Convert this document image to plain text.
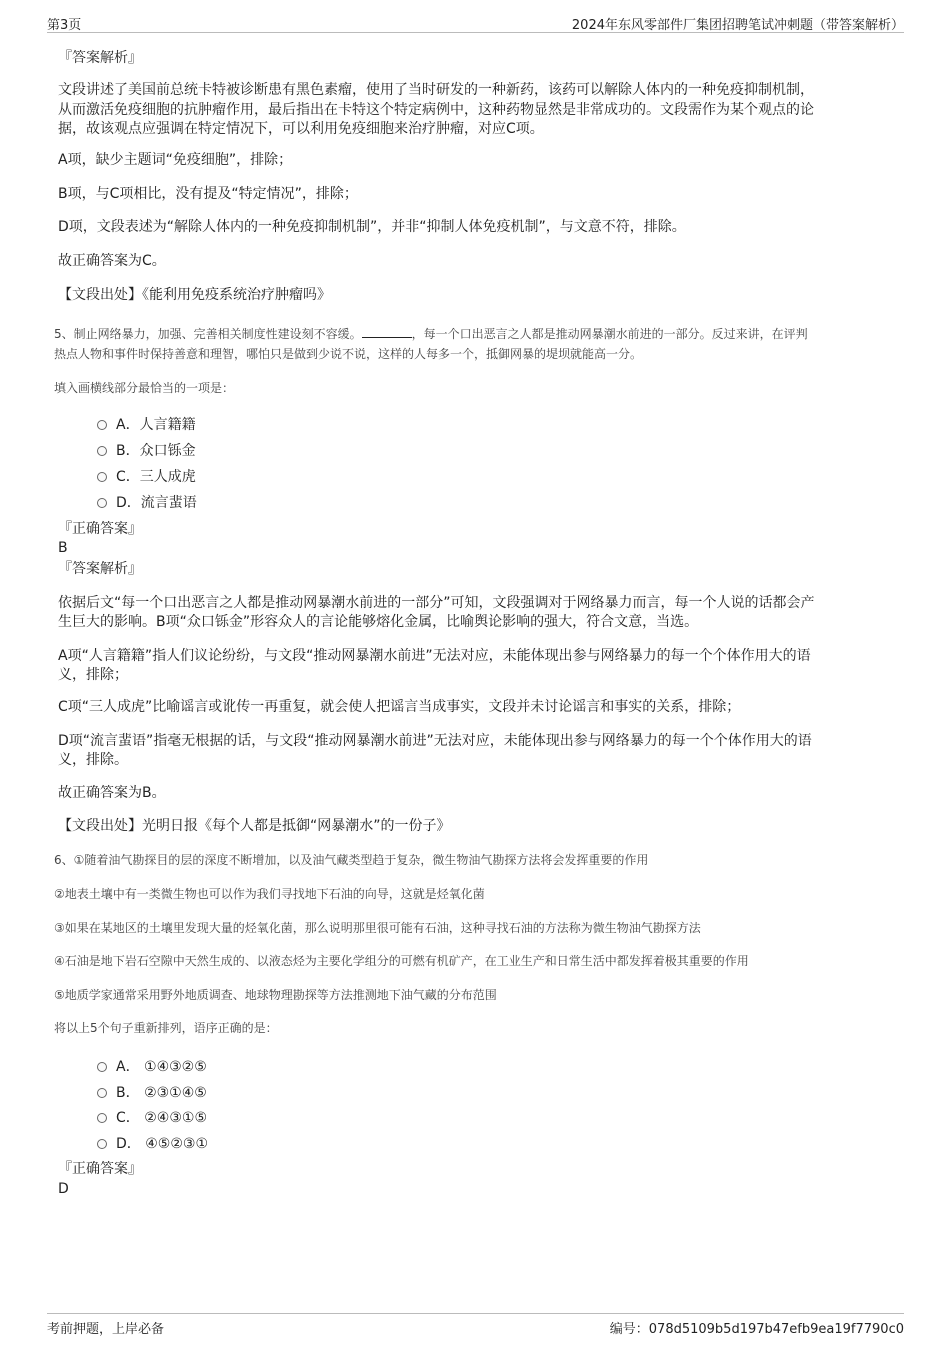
第3页	2024年东风零部件厂集团招聘笔试冲刺题（带答案解析）
『答案解析』
文段讲述了美国前总统卡特被诊断患有黑色素瘤，使用了当时研发的一种新药，该药可以解除人体内的一种免疫抑制机制，
从而激活免疫细胞的抗肿瘤作用，最后指出在卡特这个特定病例中，这种药物显然是非常成功的。文段需作为某个观点的论
据，故该观点应强调在特定情况下，可以利用免疫细胞来治疗肿瘤，对应C项。
A项，缺少主题词“免疫细胞”，排除；
B项，与C项相比，没有提及“特定情况”，排除；
D项，文段表述为“解除人体内的一种免疫抑制机制”，并非“抑制人体免疫机制”，与文意不符，排除。
故正确答案为C。
【文段出处】《能利用免疫系统治疗肿瘤吗》
5、制止网络暴力，加强、完善相关制度性建设刻不容缓。	，每一个口出恶言之人都是推动网暴潮水前进的一部分。反过来讲，在评判
热点人物和事件时保持善意和理智，哪怕只是做到少说不说，这样的人每多一个，抵御网暴的堤坝就能高一分。
填入画横线部分最恰当的一项是：
A．人言籍籍
B．众口铄金
C．三人成虎
D．流言蜚语
『正确答案』
B
『答案解析』
依据后文“每一个口出恶言之人都是推动网暴潮水前进的一部分”可知，文段强调对于网络暴力而言，每一个人说的话都会产
生巨大的影响。B项“众口铄金”形容众人的言论能够熔化金属，比喻舆论影响的强大，符合文意，当选。
A项“人言籍籍”指人们议论纷纷，与文段“推动网暴潮水前进”无法对应，未能体现出参与网络暴力的每一个个体作用大的语
义，排除；
C项“三人成虎”比喻谣言或讹传一再重复，就会使人把谣言当成事实，文段并未讨论谣言和事实的关系，排除；
D项“流言蜚语”指毫无根据的话，与文段“推动网暴潮水前进”无法对应，未能体现出参与网络暴力的每一个个体作用大的语
义，排除。
故正确答案为B。
【文段出处】光明日报《每个人都是抵御“网暴潮水”的一份子》
6、①随着油气勘探目的层的深度不断增加，以及油气藏类型趋于复杂，微生物油气勘探方法将会发挥重要的作用
②地表土壤中有一类微生物也可以作为我们寻找地下石油的向导，这就是烃氧化菌
③如果在某地区的土壤里发现大量的烃氧化菌，那么说明那里很可能有石油，这种寻找石油的方法称为微生物油气勘探方法
④石油是地下岩石空隙中天然生成的、以液态烃为主要化学组分的可燃有机矿产，在工业生产和日常生活中都发挥着极其重要的作用
⑤地质学家通常采用野外地质调查、地球物理勘探等方法推测地下油气藏的分布范围
将以上5个句子重新排列，语序正确的是：
A． ①④③②⑤
B． ②③①④⑤
C． ②④③①⑤
D． ④⑤②③①
『正确答案』
D
考前押题，上岸必备	编号：078d5109b5d197b47efb9ea19f7790c0
